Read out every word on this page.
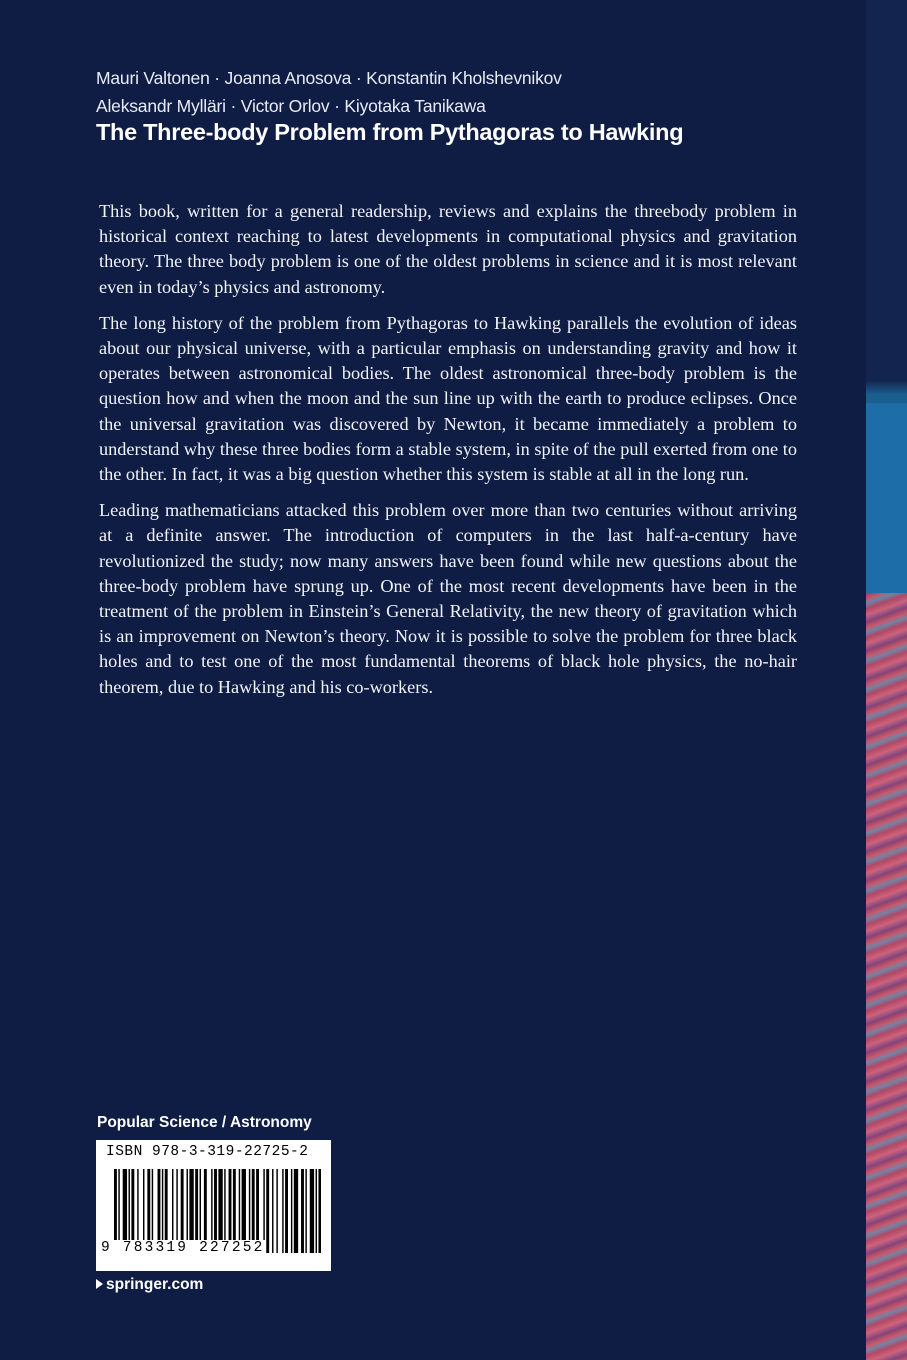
Mauri Valtonen · Joanna Anosova · Konstantin Kholshevnikov
Aleksandr Mylläri · Victor Orlov · Kiyotaka Tanikawa
The Three-body Problem from Pythagoras to Hawking

This book, written for a general readership, reviews and explains the threebody problem in historical context reaching to latest developments in computational physics and gravitation theory. The three body problem is one of the oldest problems in science and it is most relevant even in today’s physics and astronomy.

The long history of the problem from Pythagoras to Hawking parallels the evolution of ideas about our physical universe, with a particular emphasis on understanding gravity and how it operates between astronomical bodies. The oldest astronomical three-body problem is the question how and when the moon and the sun line up with the earth to produce eclipses. Once the universal gravitation was discovered by Newton, it became immediately a problem to understand why these three bodies form a stable system, in spite of the pull exerted from one to the other. In fact, it was a big question whether this system is stable at all in the long run.

Leading mathematicians attacked this problem over more than two centuries without arriving at a definite answer. The introduction of computers in the last half-a-century have revolutionized the study; now many answers have been found while new questions about the three-body problem have sprung up. One of the most recent developments have been in the treatment of the problem in Einstein’s General Relativity, the new theory of gravitation which is an improvement on Newton’s theory. Now it is possible to solve the problem for three black holes and to test one of the most fundamental theorems of black hole physics, the no-hair theorem, due to Hawking and his co-workers.

Popular Science / Astronomy
ISBN 978-3-319-22725-2
9 783319 227252
springer.com
